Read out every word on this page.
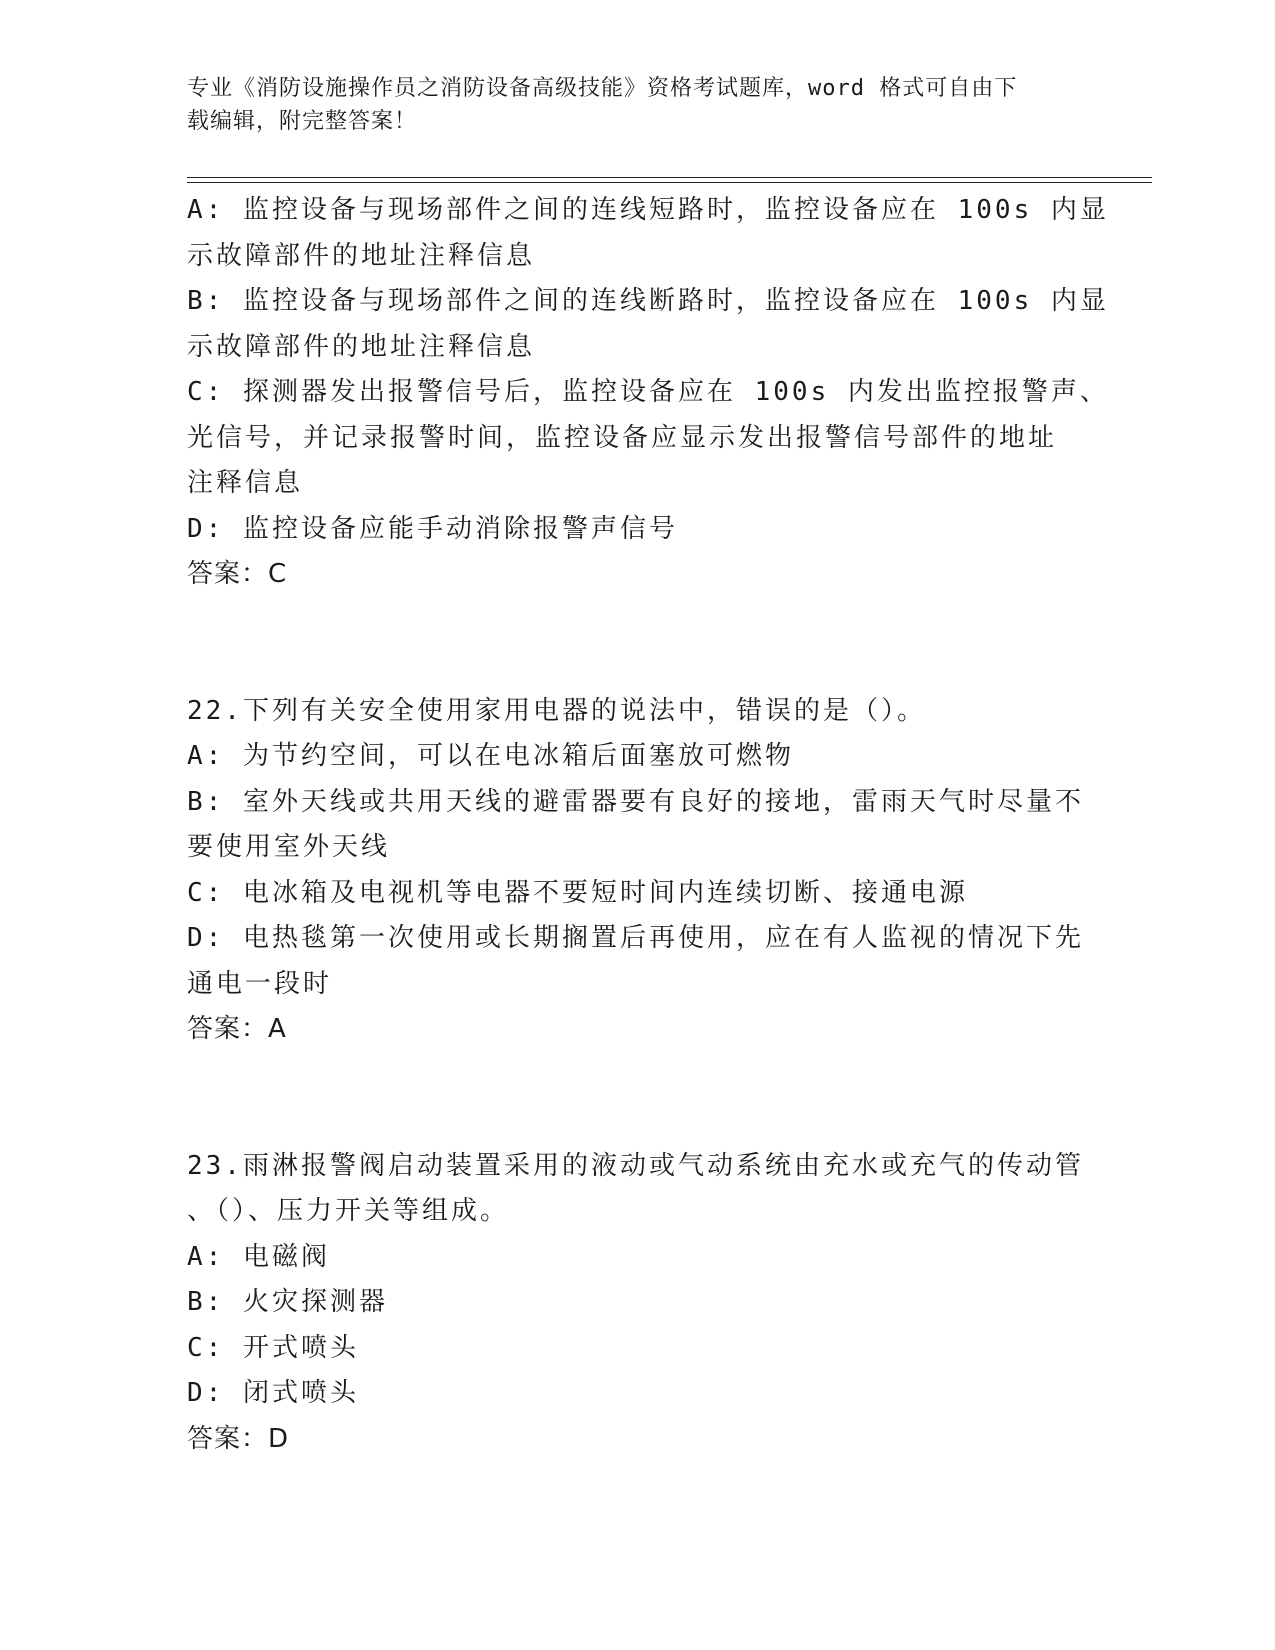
专业《消防设施操作员之消防设备高级技能》资格考试题库，word 格式可自由下
载编辑，附完整答案！
A: 监控设备与现场部件之间的连线短路时，监控设备应在 100s 内显
示故障部件的地址注释信息
B: 监控设备与现场部件之间的连线断路时，监控设备应在 100s 内显
示故障部件的地址注释信息
C: 探测器发出报警信号后，监控设备应在 100s 内发出监控报警声、
光信号，并记录报警时间，监控设备应显示发出报警信号部件的地址
注释信息
D: 监控设备应能手动消除报警声信号
答案：C
22.下列有关安全使用家用电器的说法中，错误的是（）。
A: 为节约空间，可以在电冰箱后面塞放可燃物
B: 室外天线或共用天线的避雷器要有良好的接地，雷雨天气时尽量不
要使用室外天线
C: 电冰箱及电视机等电器不要短时间内连续切断、接通电源
D: 电热毯第一次使用或长期搁置后再使用，应在有人监视的情况下先
通电一段时
答案：A
23.雨淋报警阀启动装置采用的液动或气动系统由充水或充气的传动管
、（）、压力开关等组成。
A: 电磁阀
B: 火灾探测器
C: 开式喷头
D: 闭式喷头
答案：D
